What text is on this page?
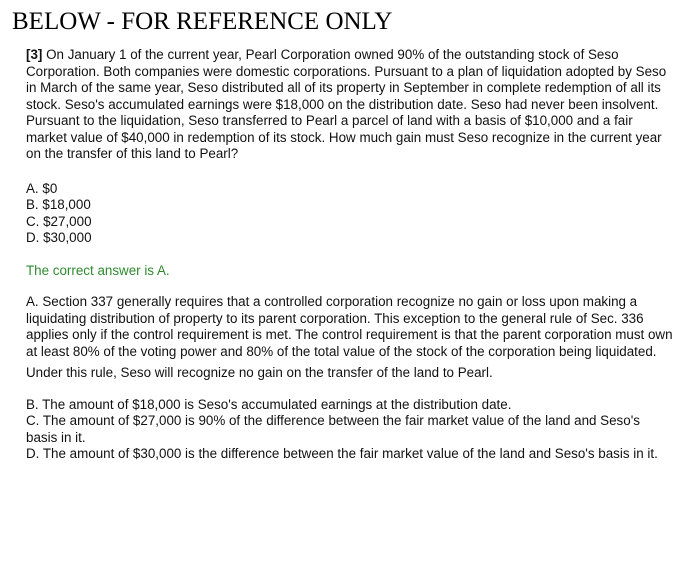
BELOW - FOR REFERENCE ONLY

[3] On January 1 of the current year, Pearl Corporation owned 90% of the outstanding stock of Seso Corporation. Both companies were domestic corporations. Pursuant to a plan of liquidation adopted by Seso in March of the same year, Seso distributed all of its property in September in complete redemption of all its stock. Seso's accumulated earnings were $18,000 on the distribution date. Seso had never been insolvent. Pursuant to the liquidation, Seso transferred to Pearl a parcel of land with a basis of $10,000 and a fair market value of $40,000 in redemption of its stock. How much gain must Seso recognize in the current year on the transfer of this land to Pearl?

A. $0
B. $18,000
C. $27,000
D. $30,000

The correct answer is A.

A. Section 337 generally requires that a controlled corporation recognize no gain or loss upon making a liquidating distribution of property to its parent corporation. This exception to the general rule of Sec. 336 applies only if the control requirement is met. The control requirement is that the parent corporation must own at least 80% of the voting power and 80% of the total value of the stock of the corporation being liquidated.

Under this rule, Seso will recognize no gain on the transfer of the land to Pearl.

B. The amount of $18,000 is Seso's accumulated earnings at the distribution date.

C. The amount of $27,000 is 90% of the difference between the fair market value of the land and Seso's basis in it.

D. The amount of $30,000 is the difference between the fair market value of the land and Seso's basis in it.
